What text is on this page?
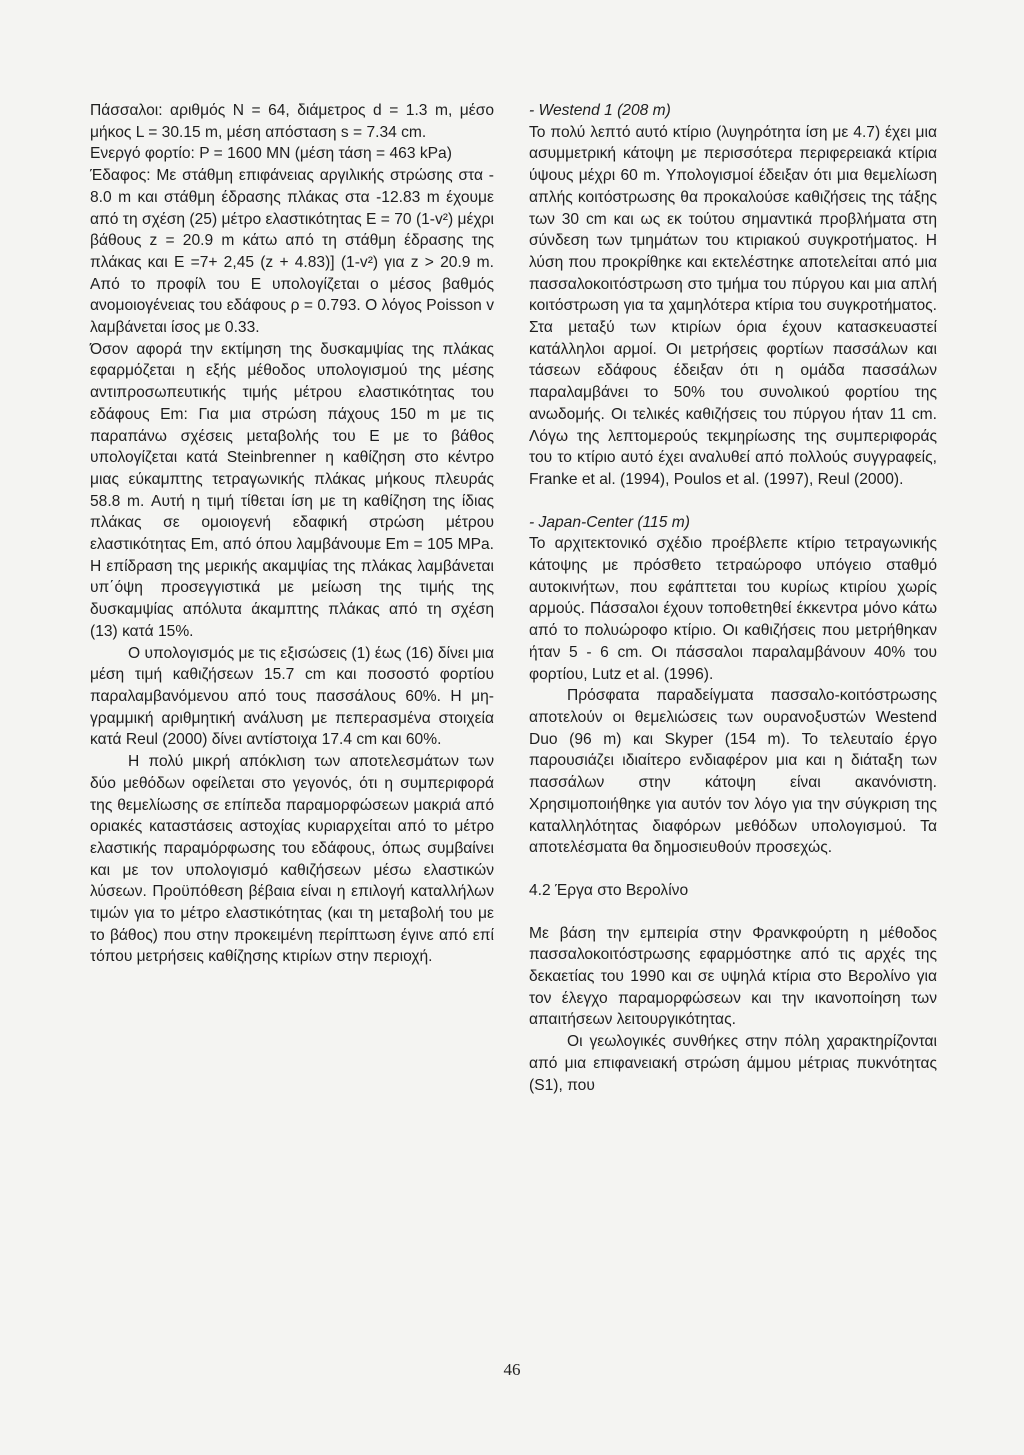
Πάσσαλοι: αριθμός N = 64, διάμετρος d = 1.3 m, μέσο μήκος L = 30.15 m, μέση απόσταση s = 7.34 cm.

Ενεργό φορτίο: P = 1600 MN (μέση τάση = 463 kPa)

Έδαφος: Με στάθμη επιφάνειας αργιλικής στρώσης στα - 8.0 m και στάθμη έδρασης πλάκας στα -12.83 m έχουμε από τη σχέση (25) μέτρο ελαστικότητας E = 70 (1-v²) μέχρι βάθους z = 20.9 m κάτω από τη στάθμη έδρασης της πλάκας και E =7+ 2,45 (z + 4.83)] (1-v²) για z > 20.9 m. Από το προφίλ του E υπολογίζεται ο μέσος βαθμός ανομοιογένειας του εδάφους ρ = 0.793. Ο λόγος Poisson v λαμβάνεται ίσος με 0.33.

Όσον αφορά την εκτίμηση της δυσκαμψίας της πλάκας εφαρμόζεται η εξής μέθοδος υπολογισμού της μέσης αντιπροσωπευτικής τιμής μέτρου ελαστικότητας του εδάφους Em: Για μια στρώση πάχους 150 m με τις παραπάνω σχέσεις μεταβολής του E με το βάθος υπολογίζεται κατά Steinbrenner η καθίζηση στο κέντρο μιας εύκαμπτης τετραγωνικής πλάκας μήκους πλευράς 58.8 m. Αυτή η τιμή τίθεται ίση με τη καθίζηση της ίδιας πλάκας σε ομοιογενή εδαφική στρώση μέτρου ελαστικότητας Em, από όπου λαμβάνουμε Em = 105 MPa. Η επίδραση της μερικής ακαμψίας της πλάκας λαμβάνεται υπ΄όψη προσεγγιστικά με μείωση της τιμής της δυσκαμψίας απόλυτα άκαμπτης πλάκας από τη σχέση (13) κατά 15%.

Ο υπολογισμός με τις εξισώσεις (1) έως (16) δίνει μια μέση τιμή καθιζήσεων 15.7 cm και ποσοστό φορτίου παραλαμβανόμενου από τους πασσάλους 60%. Η μη-γραμμική αριθμητική ανάλυση με πεπερασμένα στοιχεία κατά Reul (2000) δίνει αντίστοιχα 17.4 cm και 60%.

Η πολύ μικρή απόκλιση των αποτελεσμάτων των δύο μεθόδων οφείλεται στο γεγονός, ότι η συμπεριφορά της θεμελίωσης σε επίπεδα παραμορφώσεων μακριά από οριακές καταστάσεις αστοχίας κυριαρχείται από το μέτρο ελαστικής παραμόρφωσης του εδάφους, όπως συμβαίνει και με τον υπολογισμό καθιζήσεων μέσω ελαστικών λύσεων. Προϋπόθεση βέβαια είναι η επιλογή καταλλήλων τιμών για το μέτρο ελαστικότητας (και τη μεταβολή του με το βάθος) που στην προκειμένη περίπτωση έγινε από επί τόπου μετρήσεις καθίζησης κτιρίων στην περιοχή.

- Westend 1 (208 m)

Το πολύ λεπτό αυτό κτίριο (λυγηρότητα ίση με 4.7) έχει μια ασυμμετρική κάτοψη με περισσότερα περιφερειακά κτίρια ύψους μέχρι 60 m. Υπολογισμοί έδειξαν ότι μια θεμελίωση απλής κοιτόστρωσης θα προκαλούσε καθιζήσεις της τάξης των 30 cm και ως εκ τούτου σημαντικά προβλήματα στη σύνδεση των τμημάτων του κτιριακού συγκροτήματος. Η λύση που προκρίθηκε και εκτελέστηκε αποτελείται από μια πασσαλοκοιτόστρωση στο τμήμα του πύργου και μια απλή κοιτόστρωση για τα χαμηλότερα κτίρια του συγκροτήματος. Στα μεταξύ των κτιρίων όρια έχουν κατασκευαστεί κατάλληλοι αρμοί. Οι μετρήσεις φορτίων πασσάλων και τάσεων εδάφους έδειξαν ότι η ομάδα πασσάλων παραλαμβάνει το 50% του συνολικού φορτίου της ανωδομής. Οι τελικές καθιζήσεις του πύργου ήταν 11 cm. Λόγω της λεπτομερούς τεκμηρίωσης της συμπεριφοράς του το κτίριο αυτό έχει αναλυθεί από πολλούς συγγραφείς, Franke et al. (1994), Poulos et al. (1997), Reul (2000).

- Japan-Center (115 m)

Το αρχιτεκτονικό σχέδιο προέβλεπε κτίριο τετραγωνικής κάτοψης με πρόσθετο τετραώροφο υπόγειο σταθμό αυτοκινήτων, που εφάπτεται του κυρίως κτιρίου χωρίς αρμούς. Πάσσαλοι έχουν τοποθετηθεί έκκεντρα μόνο κάτω από το πολυώροφο κτίριο. Οι καθιζήσεις που μετρήθηκαν ήταν 5 - 6 cm. Οι πάσσαλοι παραλαμβάνουν 40% του φορτίου, Lutz et al. (1996).

Πρόσφατα παραδείγματα πασσαλο-κοιτόστρωσης αποτελούν οι θεμελιώσεις των ουρανοξυστών Westend Duo (96 m) και Skyper (154 m). Το τελευταίο έργο παρουσιάζει ιδιαίτερο ενδιαφέρον μια και η διάταξη των πασσάλων στην κάτοψη είναι ακανόνιστη. Χρησιμοποιήθηκε για αυτόν τον λόγο για την σύγκριση της καταλληλότητας διαφόρων μεθόδων υπολογισμού. Τα αποτελέσματα θα δημοσιευθούν προσεχώς.

4.2 Έργα στο Βερολίνο

Με βάση την εμπειρία στην Φρανκφούρτη η μέθοδος πασσαλοκοιτόστρωσης εφαρμόστηκε από τις αρχές της δεκαετίας του 1990 και σε υψηλά κτίρια στο Βερολίνο για τον έλεγχο παραμορφώσεων και την ικανοποίηση των απαιτήσεων λειτουργικότητας.

Οι γεωλογικές συνθήκες στην πόλη χαρακτηρίζονται από μια επιφανειακή στρώση άμμου μέτριας πυκνότητας (S1), που

46
